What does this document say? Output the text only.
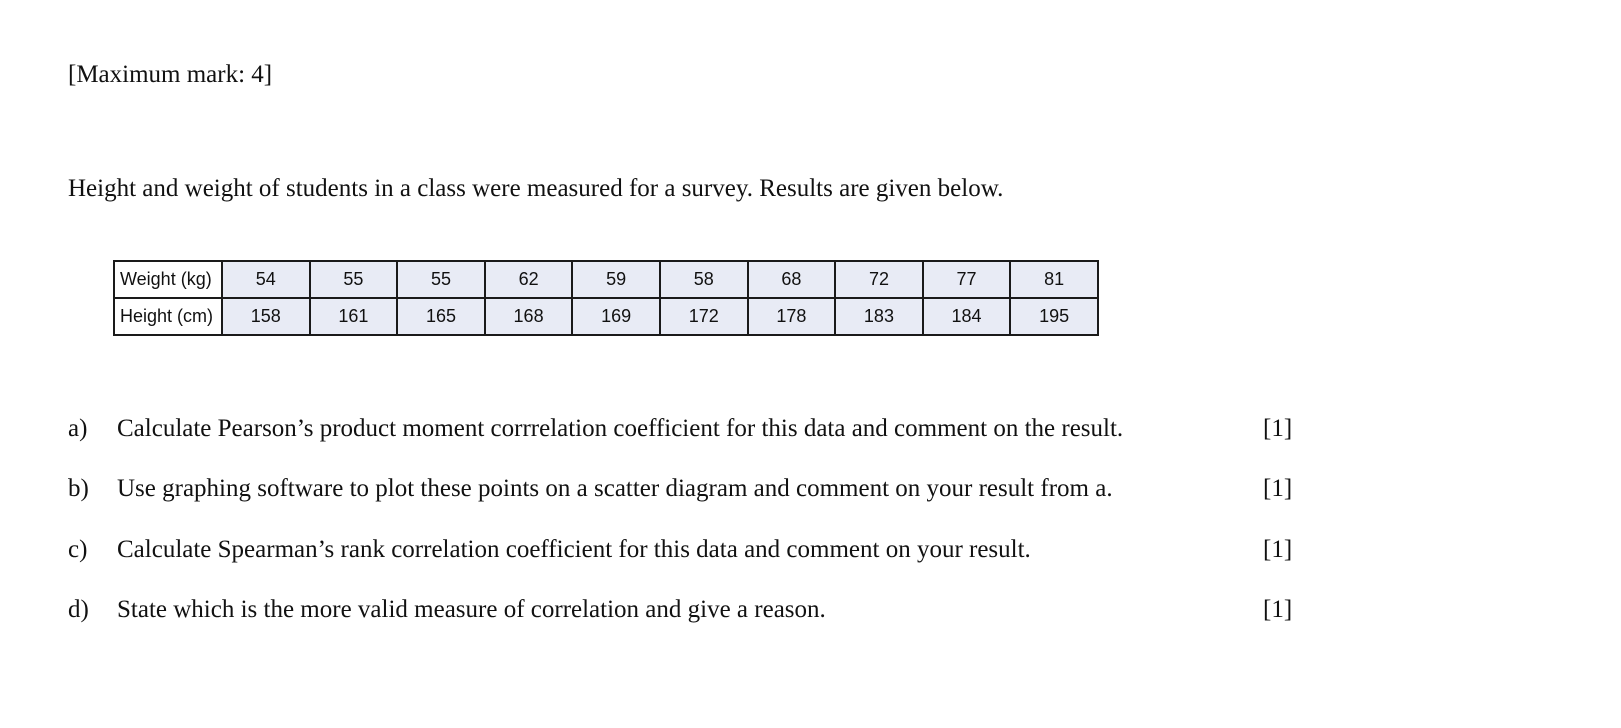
[Maximum mark: 4]
Height and weight of students in a class were measured for a survey. Results are given below.
Weight (kg)	54	55	55	62	59	58	68	72	77	81
Height (cm)	158	161	165	168	169	172	178	183	184	195
a) Calculate Pearson’s product moment corrrelation coefficient for this data and comment on the result.	[1]
b) Use graphing software to plot these points on a scatter diagram and comment on your result from a.	[1]
c) Calculate Spearman’s rank correlation coefficient for this data and comment on your result.	[1]
d) State which is the more valid measure of correlation and give a reason.	[1]
